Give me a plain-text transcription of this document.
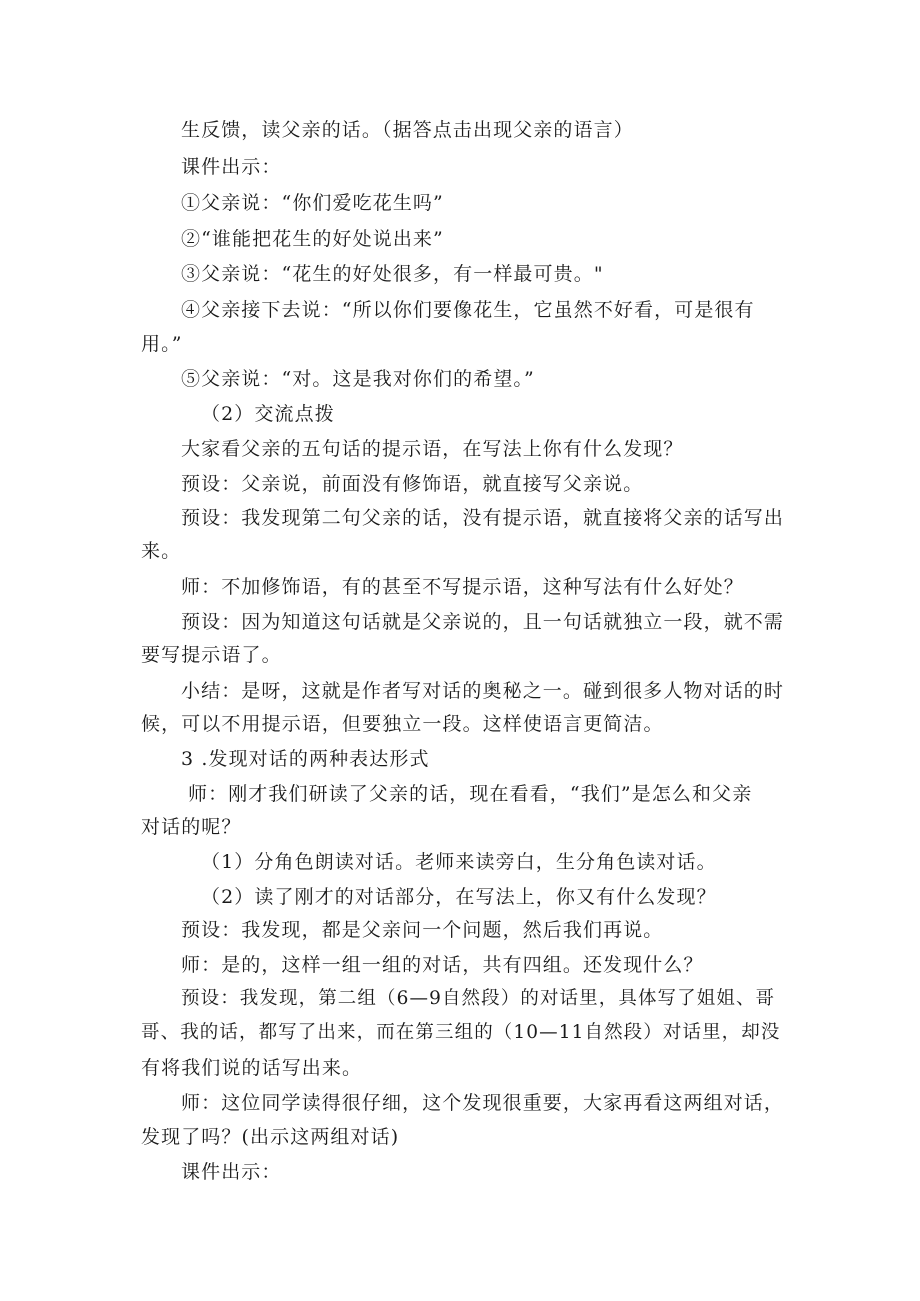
生反馈，读父亲的话。（据答点击出现父亲的语言）
课件出示：
①父亲说：“你们爱吃花生吗”
②“谁能把花生的好处说出来”
③父亲说：“花生的好处很多，有一样最可贵。"
④父亲接下去说：“所以你们要像花生，它虽然不好看，可是很有
用。”
⑤父亲说：“对。这是我对你们的希望。”
（2）交流点拨
大家看父亲的五句话的提示语，在写法上你有什么发现？
预设：父亲说，前面没有修饰语，就直接写父亲说。
预设：我发现第二句父亲的话，没有提示语，就直接将父亲的话写出
来。
师：不加修饰语，有的甚至不写提示语，这种写法有什么好处？
预设：因为知道这句话就是父亲说的，且一句话就独立一段，就不需
要写提示语了。
小结：是呀，这就是作者写对话的奥秘之一。碰到很多人物对话的时
候，可以不用提示语，但要独立一段。这样使语言更简洁。
3 .发现对话的两种表达形式
师：刚才我们研读了父亲的话，现在看看，“我们”是怎么和父亲
对话的呢？
（1）分角色朗读对话。老师来读旁白，生分角色读对话。
（2）读了刚才的对话部分，在写法上，你又有什么发现？
预设：我发现，都是父亲问一个问题，然后我们再说。
师：是的，这样一组一组的对话，共有四组。还发现什么？
预设：我发现，第二组（6—9自然段）的对话里，具体写了姐姐、哥
哥、我的话，都写了出来，而在第三组的（10—11自然段）对话里，却没
有将我们说的话写出来。
师：这位同学读得很仔细，这个发现很重要，大家再看这两组对话，
发现了吗？(出示这两组对话)
课件出示：
